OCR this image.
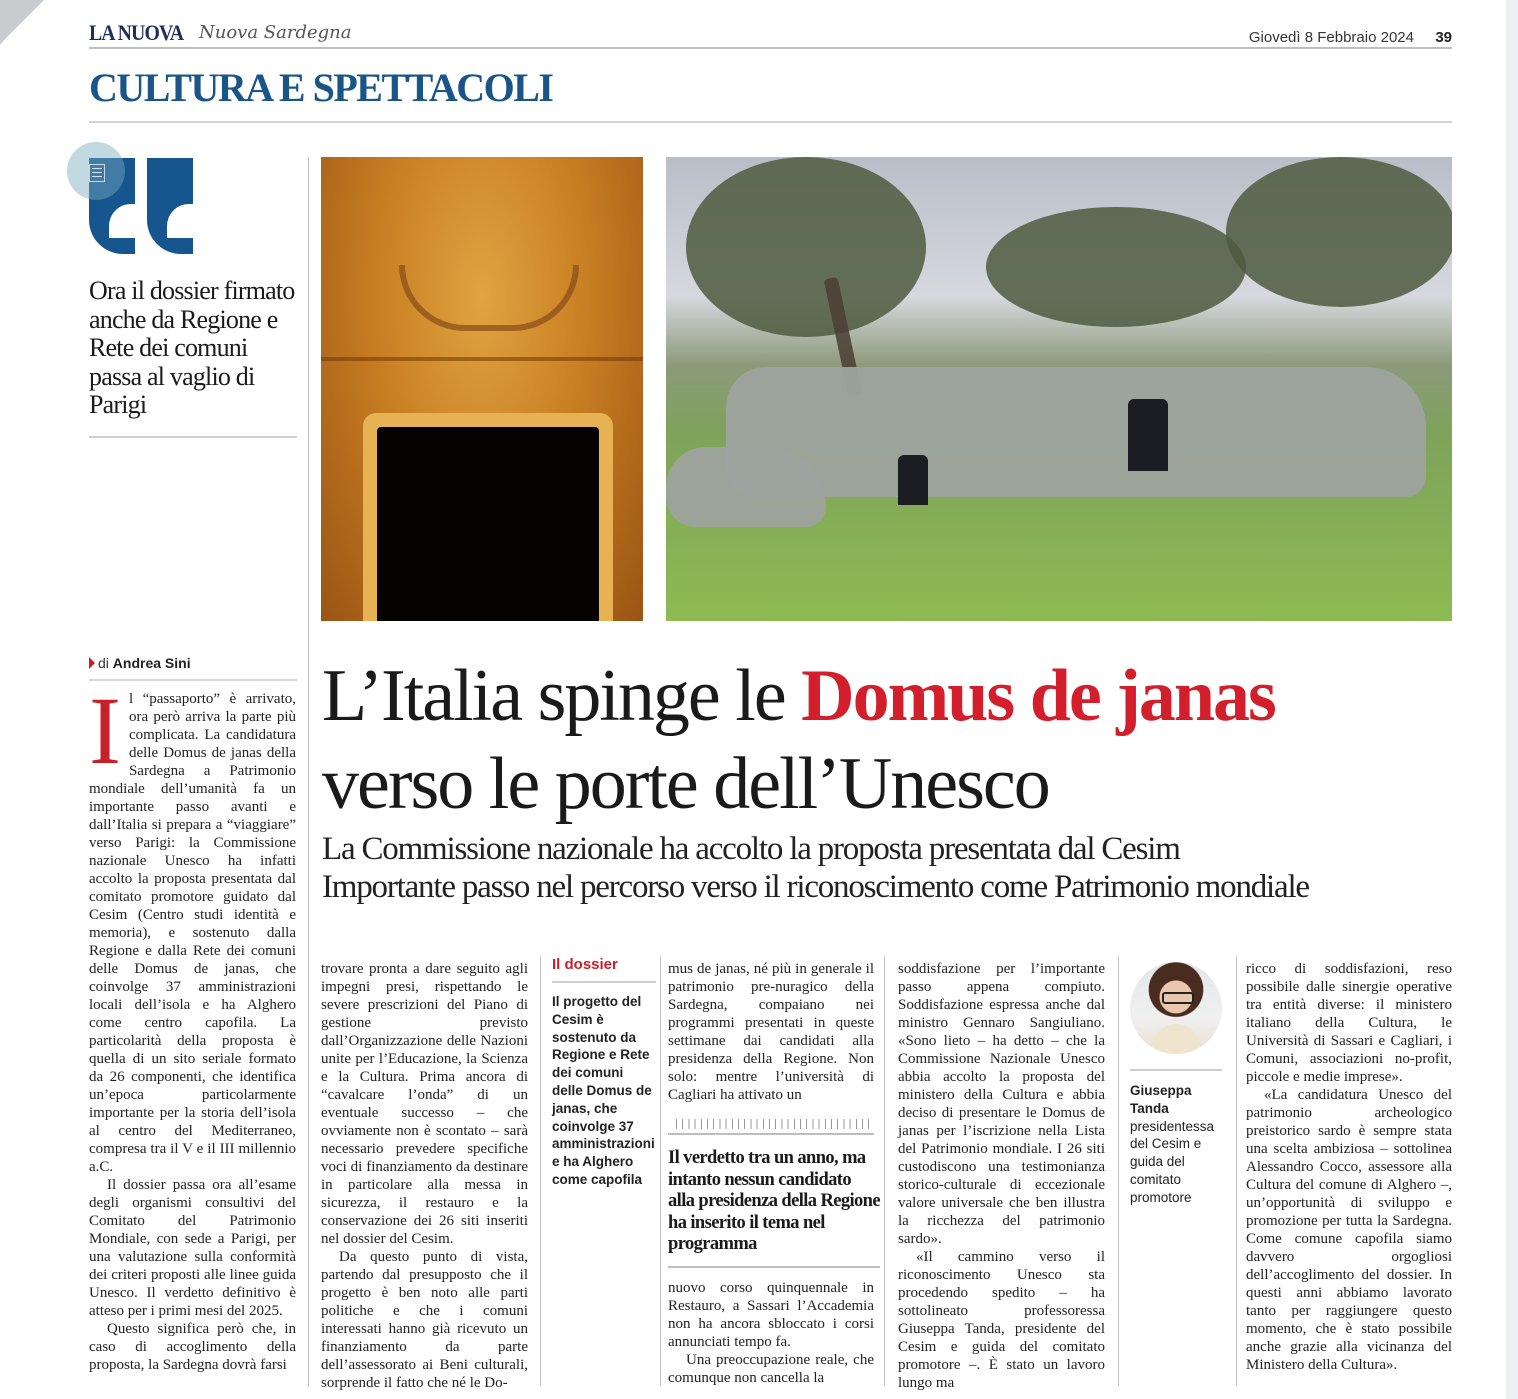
LA NUOVA Nuova Sardegna	Giovedì 8 Febbraio 2024 39
CULTURA E SPETTACOLI
Ora il dossier firmato anche da Regione e Rete dei comuni passa al vaglio di Parigi
di Andrea Sini	L’Italia spinge le Domus de janas
verso le porte dell’Unesco
La Commissione nazionale ha accolto la proposta presentata dal Cesim
Importante passo nel percorso verso il riconoscimento come Patrimonio mondiale
I l “passaporto” è arrivato, ora però arriva la parte più complicata. La candidatura delle Domus de janas della Sardegna a Patrimonio mondiale dell’umanità fa un importante passo avanti e dall’Italia si prepara a “viaggiare” verso Parigi: la Commissione nazionale Unesco ha infatti accolto la proposta presentata dal comitato promotore guidato dal Cesim (Centro studi identità e memoria), e sostenuto dalla Regione e dalla Rete dei comuni delle Domus de janas, che coinvolge 37 amministrazioni locali dell’isola e ha Alghero come centro capofila. La particolarità della proposta è quella di un sito seriale formato da 26 componenti, che identifica un’epoca particolarmente importante per la storia dell’isola al centro del Mediterraneo, compresa tra il V e il III millennio a.C.

Il dossier passa ora all’esame degli organismi consultivi del Comitato del Patrimonio Mondiale, con sede a Parigi, per una valutazione sulla conformità dei criteri proposti alle linee guida Unesco. Il verdetto definitivo è atteso per i primi mesi del 2025.

Questo significa però che, in caso di accoglimento della proposta, la Sardegna dovrà farsi

trovare pronta a dare seguito agli impegni presi, rispettando le severe prescrizioni del Piano di gestione previsto dall’Organizzazione delle Nazioni unite per l’Educazione, la Scienza e la Cultura. Prima ancora di “cavalcare l’onda” di un eventuale successo – che ovviamente non è scontato – sarà necessario prevedere specifiche voci di finanziamento da destinare in particolare alla messa in sicurezza, il restauro e la conservazione dei 26 siti inseriti nel dossier del Cesim.

Da questo punto di vista, partendo dal presupposto che il progetto è ben noto alle parti politiche e che i comuni interessati hanno già ricevuto un finanziamento da parte dell’assessorato ai Beni culturali, sorprende il fatto che né le Do-

Il dossier
Il progetto del Cesim è sostenuto da Regione e Rete dei comuni delle Domus de janas, che coinvolge 37 amministrazioni e ha Alghero come capofila

mus de janas, né più in generale il patrimonio pre-nuragico della Sardegna, compaiano nei programmi presentati in queste settimane dai candidati alla presidenza della Regione. Non solo: mentre l’università di Cagliari ha attivato un

Il verdetto tra un anno, ma intanto nessun candidato alla presidenza della Regione ha inserito il tema nel programma

nuovo corso quinquennale in Restauro, a Sassari l’Accademia non ha ancora sbloccato i corsi annunciati tempo fa.

Una preoccupazione reale, che comunque non cancella la

soddisfazione per l’importante passo appena compiuto. Soddisfazione espressa anche dal ministro Gennaro Sangiuliano. «Sono lieto – ha detto – che la Commissione Nazionale Unesco abbia accolto la proposta del ministero della Cultura e abbia deciso di presentare le Domus de janas per l’iscrizione nella Lista del Patrimonio mondiale. I 26 siti custodiscono una testimonianza storico-culturale di eccezionale valore universale che ben illustra la ricchezza del patrimonio sardo».

«Il cammino verso il riconoscimento Unesco sta procedendo spedito – ha sottolineato professoressa Giuseppa Tanda, presidente del Cesim e guida del comitato promotore –. È stato un lavoro lungo ma

Giuseppa Tanda
presidentessa del Cesim e guida del comitato promotore

ricco di soddisfazioni, reso possibile dalle sinergie operative tra entità diverse: il ministero italiano della Cultura, le Università di Sassari e Cagliari, i Comuni, associazioni no-profit, piccole e medie imprese».

«La candidatura Unesco del patrimonio archeologico preistorico sardo è sempre stata una scelta ambiziosa – sottolinea Alessandro Cocco, assessore alla Cultura del comune di Alghero –, un’opportunità di sviluppo e promozione per tutta la Sardegna. Come comune capofila siamo davvero orgogliosi dell’accoglimento del dossier. In questi anni abbiamo lavorato tanto per raggiungere questo momento, che è stato possibile anche grazie alla vicinanza del Ministero della Cultura».
